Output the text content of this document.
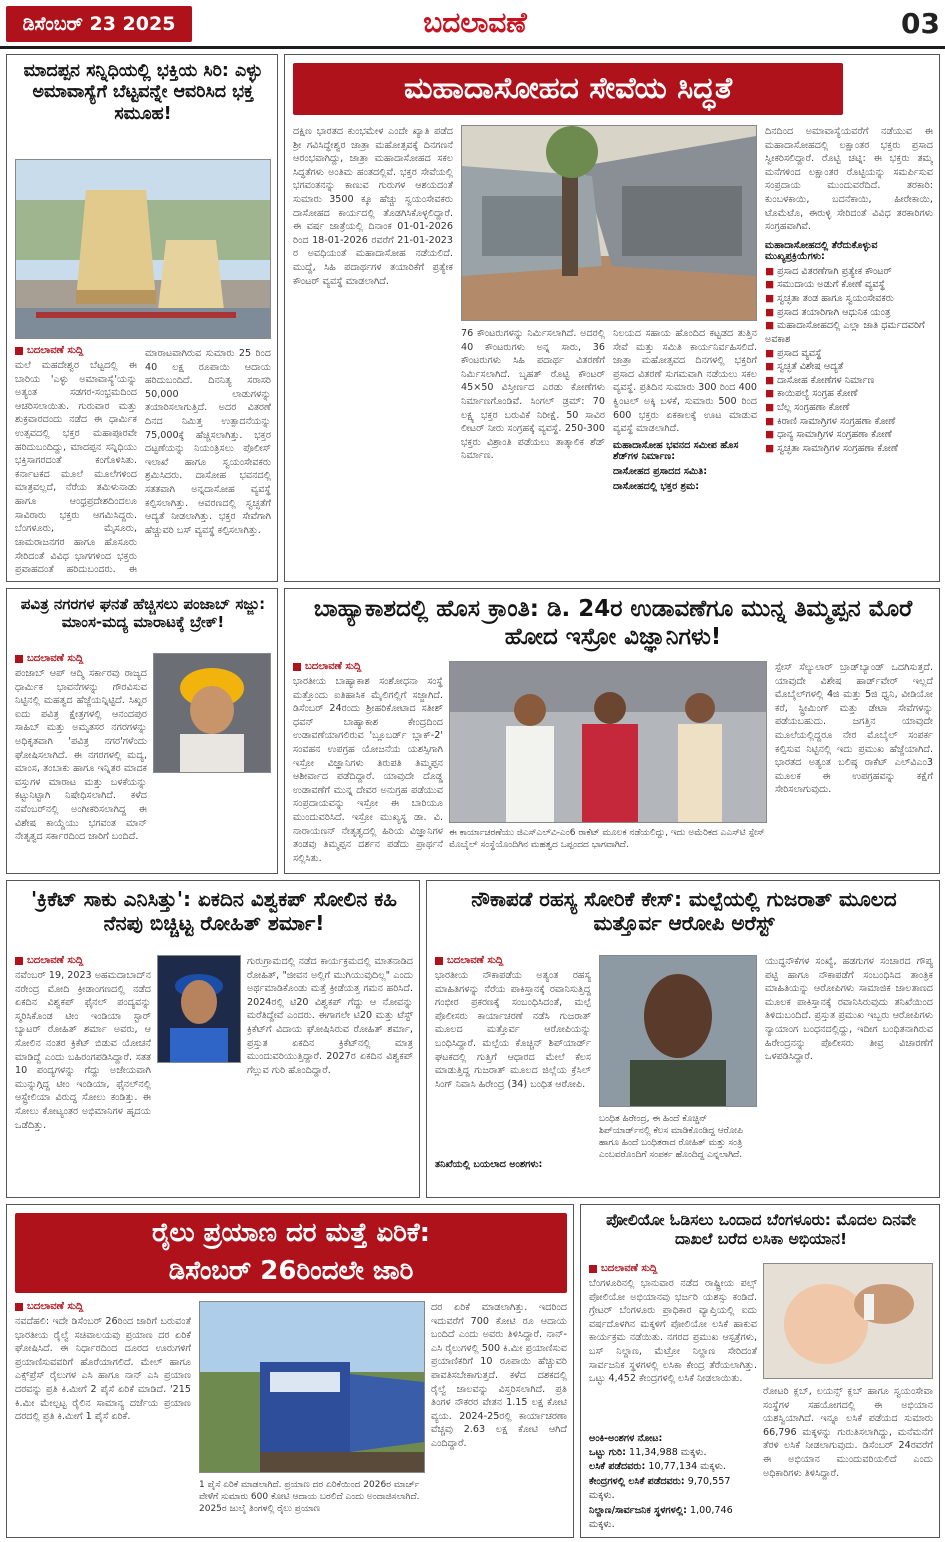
ಡಿಸೆಂಬರ್ 23 2025	ಬದಲಾವಣೆ	03
ಮಾದಪ್ಪನ ಸನ್ನಿಧಿಯಲ್ಲಿ ಭಕ್ತಿಯ ಸಿರಿ: ಎಳ್ಳು ಅಮಾವಾಸ್ಯೆಗೆ ಬೆಟ್ಟವನ್ನೇ ಆವರಿಸಿದ ಭಕ್ತ ಸಮೂಹ!
ಬದಲಾವಣೆ ಸುದ್ದಿ
ಮಲೆ ಮಹದೇಶ್ವರ ಬೆಟ್ಟದಲ್ಲಿ ಈ ಬಾರಿಯ 'ಎಳ್ಳು ಅಮಾವಾಸ್ಯೆ'ಯನ್ನು ಅತ್ಯಂತ ಸಡಗರ-ಸಂಭ್ರಮದಿಂದ ಆಚರಿಸಲಾಯಿತು. ಗುರುವಾರ ಮತ್ತು ಶುಕ್ರವಾರದಂದು ನಡೆದ ಈ ಧಾರ್ಮಿಕ ಉತ್ಸವದಲ್ಲಿ ಭಕ್ತರ ಮಹಾಪೂರವೇ ಹರಿದುಬಂದಿದ್ದು, ಮಾದಪ್ಪನ ಸನ್ನಿಧಿಯು ಭಕ್ತಿಸಾಗರದಂತೆ ಕಂಗೊಳಿಸಿತು. ಕರ್ನಾಟಕದ ಮೂಲೆ ಮೂಲೆಗಳಿಂದ ಮಾತ್ರವಲ್ಲದೆ, ನೆರೆಯ ತಮಿಳುನಾಡು ಹಾಗೂ ಆಂಧ್ರಪ್ರದೇಶದಿಂದಲೂ ಸಾವಿರಾರು ಭಕ್ತರು ಆಗಮಿಸಿದ್ದರು. ಬೆಂಗಳೂರು, ಮೈಸೂರು, ಚಾಮರಾಜನಗರ ಹಾಗೂ ಹೊಸೂರು ಸೇರಿದಂತೆ ವಿವಿಧ ಭಾಗಗಳಿಂದ ಭಕ್ತರು ಪ್ರವಾಹದಂತೆ ಹರಿದುಬಂದರು. ಈ
ಮಾರಾಟವಾಗಿರುವ ಸುಮಾರು 25 ರಿಂದ 40 ಲಕ್ಷ ರೂಪಾಯಿ ಆದಾಯ ಹರಿದುಬಂದಿದೆ. ದಿನನಿತ್ಯ ಸರಾಸರಿ 50,000 ಲಾಡುಗಳನ್ನು ತಯಾರಿಸಲಾಗುತ್ತಿದೆ. ಅದರ ವಿತರಣೆ ದಿನದ ನಿಮಿತ್ತ ಉತ್ಪಾದನೆಯನ್ನು 75,000ಕ್ಕೆ ಹೆಚ್ಚಿಸಲಾಗಿತ್ತು. ಭಕ್ತರ ದಟ್ಟಣೆಯನ್ನು ನಿಯಂತ್ರಿಸಲು ಪೊಲೀಸ್ ಇಲಾಖೆ ಹಾಗೂ ಸ್ವಯಂಸೇವಕರು ಶ್ರಮಿಸಿದರು. ದಾಸೋಹ ಭವನದಲ್ಲಿ ಸತತವಾಗಿ ಅನ್ನದಾಸೋಹ ವ್ಯವಸ್ಥೆ ಕಲ್ಪಿಸಲಾಗಿತ್ತು. ಆವರಣದಲ್ಲಿ ಸ್ವಚ್ಛತೆಗೆ ಆದ್ಯತೆ ನೀಡಲಾಗಿತ್ತು. ಭಕ್ತರ ಸೇವೆಗಾಗಿ ಹೆಚ್ಚುವರಿ ಬಸ್ ವ್ಯವಸ್ಥೆ ಕಲ್ಪಿಸಲಾಗಿತ್ತು.
ಮಹಾದಾಸೋಹದ ಸೇವೆಯ ಸಿದ್ಧತೆ
ದಕ್ಷಿಣ ಭಾರತದ ಕುಂಭಮೇಳ ಎಂದೇ ಖ್ಯಾತಿ ಪಡೆದ ಶ್ರೀ ಗವಿಸಿದ್ಧೇಶ್ವರ ಜಾತ್ರಾ ಮಹೋತ್ಸವಕ್ಕೆ ದಿನಗಣನೆ ಆರಂಭವಾಗಿದ್ದು, ಜಾತ್ರಾ ಮಹಾದಾಸೋಹದ ಸಕಲ ಸಿದ್ಧತೆಗಳು ಅಂತಿಮ ಹಂತದಲ್ಲಿವೆ. ಭಕ್ತರ ಸೇವೆಯಲ್ಲಿ ಭಗವಂತನನ್ನು ಕಾಣುವ ಗುರುಗಳ ಆಶಯದಂತೆ ಸುಮಾರು 3500 ಕ್ಕೂ ಹೆಚ್ಚು ಸ್ವಯಂಸೇವಕರು ದಾಸೋಹದ ಕಾರ್ಯದಲ್ಲಿ ತೊಡಗಿಸಿಕೊಳ್ಳಲಿದ್ದಾರೆ. ಈ ವರ್ಷ ಜಾತ್ರೆಯಲ್ಲಿ ದಿನಾಂಕ 01-01-2026 ರಿಂದ 18-01-2026 ರವರೆಗೆ 21-01-2023 ರ ಅವಧಿಯಂತೆ ಮಹಾದಾಸೋಹ ನಡೆಯಲಿದೆ. ಮುದ್ದೆ, ಸಿಹಿ ಪದಾರ್ಥಗಳ ತಯಾರಿಕೆಗೆ ಪ್ರತ್ಯೇಕ ಕೌಂಟರ್ ವ್ಯವಸ್ಥೆ ಮಾಡಲಾಗಿದೆ.
76 ಕೌಂಟರುಗಳನ್ನು ನಿರ್ಮಿಸಲಾಗಿದೆ. ಅದರಲ್ಲಿ 40 ಕೌಂಟರುಗಳು ಅನ್ನ ಸಾರು, 36 ಕೌಂಟರುಗಳು ಸಿಹಿ ಪದಾರ್ಥ ವಿತರಣೆಗೆ ನಿರ್ಮಿಸಲಾಗಿದೆ. ಬೃಹತ್ ರೊಟ್ಟಿ ಕೌಂಟರ್ 45×50 ವಿಸ್ತೀರ್ಣದ ಎರಡು ಕೋಣೆಗಳು ನಿರ್ಮಾಣಗೊಂಡಿವೆ. ಸಿಂಗಲ್ ಡ್ರಮ್: 70 ಲಕ್ಷ್ಯ ಭಕ್ತರ ಬರುವಿಕೆ ನಿರೀಕ್ಷೆ. 50 ಸಾವಿರ ಲೀಟರ್ ನೀರು ಸಂಗ್ರಹಕ್ಕೆ ವ್ಯವಸ್ಥೆ. 250-300 ಭಕ್ತರು ವಿಶ್ರಾಂತಿ ಪಡೆಯಲು ತಾತ್ಕಾಲಿಕ ಶೆಡ್ ನಿರ್ಮಾಣ.
ನಿಲಯದ ಸಹಾಯ ಹೊಂದಿದ ಕಟ್ಟಡದ ತುತ್ತಿನ ಸೇವೆ ಮತ್ತು ಸಮಿತಿ ಕಾರ್ಯನಿರ್ವಹಿಸಲಿದೆ. ಜಾತ್ರಾ ಮಹೋತ್ಸವದ ದಿನಗಳಲ್ಲಿ ಭಕ್ತರಿಗೆ ಪ್ರಸಾದ ವಿತರಣೆ ಸುಗಮವಾಗಿ ನಡೆಯಲು ಸಕಲ ವ್ಯವಸ್ಥೆ. ಪ್ರತಿದಿನ ಸುಮಾರು 300 ರಿಂದ 400 ಕ್ವಿಂಟಲ್ ಅಕ್ಕಿ ಬಳಕೆ, ಸುಮಾರು 500 ರಿಂದ 600 ಭಕ್ತರು ಏಕಕಾಲಕ್ಕೆ ಊಟ ಮಾಡುವ ವ್ಯವಸ್ಥೆ ಮಾಡಲಾಗಿದೆ.
ಮಹಾದಾಸೋಹ ಭವನದ ಸಮೀಪ ಹೊಸ ಶೆಡ್‌ಗಳ ನಿರ್ಮಾಣ:
ದಾಸೋಹದ ಪ್ರಸಾದದ ಸಮಿತಿ:
ದಾಸೋಹದಲ್ಲಿ ಭಕ್ತರ ಶ್ರಮ:
ದಿನದಿಂದ ಅಮಾವಾಸ್ಯೆಯವರೆಗೆ ನಡೆಯುವ ಈ ಮಹಾದಾಸೋಹದಲ್ಲಿ ಲಕ್ಷಾಂತರ ಭಕ್ತರು ಪ್ರಸಾದ ಸ್ವೀಕರಿಸಲಿದ್ದಾರೆ. ರೊಟ್ಟಿ ಚಟ್ನಿ: ಈ ಭಕ್ತರು ತಮ್ಮ ಮನೆಗಳಿಂದ ಲಕ್ಷಾಂತರ ರೊಟ್ಟಿಯನ್ನು ಸಮರ್ಪಿಸುವ ಸಂಪ್ರದಾಯ ಮುಂದುವರೆದಿದೆ. ತರಕಾರಿ: ಕುಂಬಳಕಾಯಿ, ಬದನೆಕಾಯಿ, ಹೀರೇಕಾಯಿ, ಟೊಮೆಟೊ, ಈರುಳ್ಳಿ ಸೇರಿದಂತೆ ವಿವಿಧ ತರಕಾರಿಗಳು ಸಂಗ್ರಹವಾಗಿವೆ.
ಮಹಾದಾಸೋಹದಲ್ಲಿ ತೆರೆದುಕೊಳ್ಳುವ ಮುಖ್ಯಪ್ರಕ್ರಿಯೆಗಳು:
■ ಪ್ರಸಾದ ವಿತರಣೆಗಾಗಿ ಪ್ರತ್ಯೇಕ ಕೌಂಟರ್
■ ಸಮುದಾಯ ಅಡುಗೆ ಕೋಣೆ ವ್ಯವಸ್ಥೆ
■ ಸ್ವಚ್ಛತಾ ತಂಡ ಹಾಗೂ ಸ್ವಯಂಸೇವಕರು
■ ಪ್ರಸಾದ ತಯಾರಿಗಾಗಿ ಆಧುನಿಕ ಯಂತ್ರ
■ ಮಹಾದಾಸೋಹದಲ್ಲಿ ಎಲ್ಲಾ ಜಾತಿ ಧರ್ಮದವರಿಗೆ ಅವಕಾಶ
■ ಪ್ರಸಾದ ವ್ಯವಸ್ಥೆ
■ ಸ್ವಚ್ಛತೆ ವಿಶೇಷ ಆದ್ಯತೆ
■ ದಾಸೋಹ ಕೋಣೆಗಳ ನಿರ್ಮಾಣ
■ ಕಾಯಿಪಲ್ಯೆ ಸಂಗ್ರಹ ಕೋಣೆ
■ ಬೆಲ್ಲ ಸಂಗ್ರಹಣಾ ಕೋಣೆ
■ ಕಿರಾಣಿ ಸಾಮಾಗ್ರಿಗಳ ಸಂಗ್ರಹಣಾ ಕೋಣೆ
■ ಧಾನ್ಯ ಸಾಮಾಗ್ರಿಗಳ ಸಂಗ್ರಹಣಾ ಕೋಣೆ
■ ಸ್ವಚ್ಛತಾ ಸಾಮಾಗ್ರಿಗಳ ಸಂಗ್ರಹಣಾ ಕೋಣೆ
ಪವಿತ್ರ ನಗರಗಳ ಘನತೆ ಹೆಚ್ಚಿಸಲು ಪಂಜಾಬ್ ಸಜ್ಜು: ಮಾಂಸ-ಮದ್ಯ ಮಾರಾಟಕ್ಕೆ ಬ್ರೇಕ್!
ಬದಲಾವಣೆ ಸುದ್ದಿ
ಪಂಜಾಬ್ ಆಪ್ ಆದ್ಮಿ ಸರ್ಕಾರವು ರಾಜ್ಯದ ಧಾರ್ಮಿಕ ಭಾವನೆಗಳನ್ನು ಗೌರವಿಸುವ ನಿಟ್ಟಿನಲ್ಲಿ ಮಹತ್ವದ ಹೆಜ್ಜೆಯನ್ನಿಟ್ಟಿದೆ. ಸಿಖ್ಖರ ಐದು ಪವಿತ್ರ ಕ್ಷೇತ್ರಗಳಲ್ಲಿ ಆನಂದಪುರ ಸಾಹಿಬ್ ಮತ್ತು ಅಮೃತಸರ ನಗರಗಳನ್ನು ಅಧಿಕೃತವಾಗಿ 'ಪವಿತ್ರ ನಗರ'ಗಳೆಂದು ಘೋಷಿಸಲಾಗಿದೆ. ಈ ನಗರಗಳಲ್ಲಿ ಮದ್ಯ, ಮಾಂಸ, ತಂಬಾಕು ಹಾಗೂ ಇನ್ನಿತರ ಮಾದಕ ವಸ್ತುಗಳ ಮಾರಾಟ ಮತ್ತು ಬಳಕೆಯನ್ನು ಕಟ್ಟುನಿಟ್ಟಾಗಿ ನಿಷೇಧಿಸಲಾಗಿದೆ. ಕಳೆದ ನವೆಂಬರ್‌ನಲ್ಲಿ ಅಂಗೀಕರಿಸಲಾಗಿದ್ದ ಈ ವಿಶೇಷ ಕಾಯ್ದೆಯು ಭಗವಂತ ಮಾನ್ ನೇತೃತ್ವದ ಸರ್ಕಾರದಿಂದ ಜಾರಿಗೆ ಬಂದಿದೆ.
ಬಾಹ್ಯಾಕಾಶದಲ್ಲಿ ಹೊಸ ಕ್ರಾಂತಿ: ಡಿ. 24ರ ಉಡಾವಣೆಗೂ ಮುನ್ನ ತಿಮ್ಮಪ್ಪನ ಮೊರೆ ಹೋದ ಇಸ್ರೋ ವಿಜ್ಞಾನಿಗಳು!
ಬದಲಾವಣೆ ಸುದ್ದಿ
ಭಾರತೀಯ ಬಾಹ್ಯಾಕಾಶ ಸಂಶೋಧನಾ ಸಂಸ್ಥೆ ಮತ್ತೊಂದು ಐತಿಹಾಸಿಕ ಮೈಲಿಗಲ್ಲಿಗೆ ಸಜ್ಜಾಗಿದೆ. ಡಿಸೆಂಬರ್ 24ರಂದು ಶ್ರೀಹರಿಕೋಟಾದ ಸತೀಶ್ ಧವನ್ ಬಾಹ್ಯಾಕಾಶ ಕೇಂದ್ರದಿಂದ ಉಡಾವಣೆಯಾಗಲಿರುವ 'ಬ್ಲೂಬರ್ಡ್ ಬ್ಲಾಕ್-2' ಸಂವಹನ ಉಪಗ್ರಹ ಯೋಜನೆಯ ಯಶಸ್ಸಿಗಾಗಿ ಇಸ್ರೋ ವಿಜ್ಞಾನಿಗಳು ತಿರುಪತಿ ತಿಮ್ಮಪ್ಪನ ಆಶೀರ್ವಾದ ಪಡೆದಿದ್ದಾರೆ. ಯಾವುದೇ ದೊಡ್ಡ ಉಡಾವಣೆಗೆ ಮುನ್ನ ದೇವರ ಅನುಗ್ರಹ ಪಡೆಯುವ ಸಂಪ್ರದಾಯವನ್ನು ಇಸ್ರೋ ಈ ಬಾರಿಯೂ ಮುಂದುವರಿಸಿದೆ. ಇಸ್ರೋ ಮುಖ್ಯಸ್ಥ ಡಾ. ವಿ. ನಾರಾಯಣನ್ ನೇತೃತ್ವದಲ್ಲಿ ಹಿರಿಯ ವಿಜ್ಞಾನಿಗಳ ತಂಡವು ತಿಮ್ಮಪ್ಪನ ದರ್ಶನ ಪಡೆದು ಪ್ರಾರ್ಥನೆ ಸಲ್ಲಿಸಿತು.
ಈ ಕಾರ್ಯಾಚರಣೆಯು ಜಿಎಸ್‌ಎಲ್‌ವಿ-ಎಂ6 ರಾಕೆಟ್ ಮೂಲಕ ನಡೆಯಲಿದ್ದು, ಇದು ಅಮೆರಿಕದ ಎಎಸ್‌ಟಿ ಸ್ಪೇಸ್ ಮೊಬೈಲ್ ಸಂಸ್ಥೆಯೊಂದಿಗಿನ ಮಹತ್ವದ ಒಪ್ಪಂದದ ಭಾಗವಾಗಿದೆ.
ಸ್ಪೇಸ್ ಸೆಲ್ಯುಲಾರ್ ಬ್ರಾಡ್‌ಬ್ಯಾಂಡ್ ಒದಗಿಸುತ್ತದೆ. ಯಾವುದೇ ವಿಶೇಷ ಹಾರ್ಡ್‌ವೇರ್ ಇಲ್ಲದೆ ಮೊಬೈಲ್‌ಗಳಲ್ಲಿ 4ಜಿ ಮತ್ತು 5ಜಿ ಧ್ವನಿ, ವೀಡಿಯೋ ಕರೆ, ಸ್ಟ್ರೀಮಿಂಗ್ ಮತ್ತು ಡೇಟಾ ಸೇವೆಗಳನ್ನು ಪಡೆಯಬಹುದು. ಜಗತ್ತಿನ ಯಾವುದೇ ಮೂಲೆಯಲ್ಲಿದ್ದರೂ ನೇರ ಮೊಬೈಲ್ ಸಂಪರ್ಕ ಕಲ್ಪಿಸುವ ನಿಟ್ಟಿನಲ್ಲಿ ಇದು ಪ್ರಮುಖ ಹೆಜ್ಜೆಯಾಗಿದೆ. ಭಾರತದ ಅತ್ಯಂತ ಬಲಿಷ್ಠ ರಾಕೆಟ್ ಎಲ್‌ವಿಎಂ3 ಮೂಲಕ ಈ ಉಪಗ್ರಹವನ್ನು ಕಕ್ಷೆಗೆ ಸೇರಿಸಲಾಗುವುದು.
'ಕ್ರಿಕೆಟ್ ಸಾಕು ಎನಿಸಿತ್ತು': ಏಕದಿನ ವಿಶ್ವಕಪ್ ಸೋಲಿನ ಕಹಿ ನೆನಪು ಬಿಚ್ಚಿಟ್ಟ ರೋಹಿತ್ ಶರ್ಮಾ!
ಬದಲಾವಣೆ ಸುದ್ದಿ
ನವೆಂಬರ್ 19, 2023 ಅಹಮದಾಬಾದ್‌ನ ನರೇಂದ್ರ ಮೋದಿ ಕ್ರೀಡಾಂಗಣದಲ್ಲಿ ನಡೆದ ಏಕದಿನ ವಿಶ್ವಕಪ್ ಫೈನಲ್ ಪಂದ್ಯವನ್ನು ಸ್ಮರಿಸಿಕೊಂಡ ಟೀಂ ಇಂಡಿಯಾ ಸ್ಟಾರ್ ಬ್ಯಾಟರ್ ರೋಹಿತ್ ಶರ್ಮಾ ಅವರು, ಆ ಸೋಲಿನ ನಂತರ ಕ್ರಿಕೆಟ್ ಬಿಡುವ ಯೋಚನೆ ಮಾಡಿದ್ದೆ ಎಂದು ಬಹಿರಂಗಪಡಿಸಿದ್ದಾರೆ. ಸತತ 10 ಪಂದ್ಯಗಳನ್ನು ಗೆದ್ದು ಅಜೇಯವಾಗಿ ಮುನ್ನುಗ್ಗಿದ್ದ ಟೀಂ ಇಂಡಿಯಾ, ಫೈನಲ್‌ನಲ್ಲಿ ಆಸ್ಟ್ರೇಲಿಯಾ ವಿರುದ್ಧ ಸೋಲು ಕಂಡಿತ್ತು. ಈ ಸೋಲು ಕೋಟ್ಯಂತರ ಅಭಿಮಾನಿಗಳ ಹೃದಯ ಒಡೆದಿತ್ತು.
ಗುರುಗ್ರಾಮದಲ್ಲಿ ನಡೆದ ಕಾರ್ಯಕ್ರಮದಲ್ಲಿ ಮಾತನಾಡಿದ ರೋಹಿತ್, "ಜೀವನ ಅಲ್ಲಿಗೆ ಮುಗಿಯುವುದಿಲ್ಲ" ಎಂದು ಅರ್ಥಮಾಡಿಕೊಂಡು ಮತ್ತೆ ಕ್ರೀಡೆಯತ್ತ ಗಮನ ಹರಿಸಿದೆ. 2024ರಲ್ಲಿ ಟಿ20 ವಿಶ್ವಕಪ್ ಗೆದ್ದು ಆ ನೋವನ್ನು ಮರೆತಿದ್ದೇವೆ ಎಂದರು. ಈಗಾಗಲೇ ಟಿ20 ಮತ್ತು ಟೆಸ್ಟ್ ಕ್ರಿಕೆಟ್‌ಗೆ ವಿದಾಯ ಘೋಷಿಸಿರುವ ರೋಹಿತ್ ಶರ್ಮಾ, ಪ್ರಸ್ತುತ ಏಕದಿನ ಕ್ರಿಕೆಟ್‌ನಲ್ಲಿ ಮಾತ್ರ ಮುಂದುವರಿಯುತ್ತಿದ್ದಾರೆ. 2027ರ ಏಕದಿನ ವಿಶ್ವಕಪ್ ಗೆಲ್ಲುವ ಗುರಿ ಹೊಂದಿದ್ದಾರೆ.
ನೌಕಾಪಡೆ ರಹಸ್ಯ ಸೋರಿಕೆ ಕೇಸ್: ಮಲ್ಪೆಯಲ್ಲಿ ಗುಜರಾತ್ ಮೂಲದ ಮತ್ತೊರ್ವ ಆರೋಪಿ ಅರೆಸ್ಟ್
ಬದಲಾವಣೆ ಸುದ್ದಿ
ಭಾರತೀಯ ನೌಕಾಪಡೆಯ ಅತ್ಯಂತ ರಹಸ್ಯ ಮಾಹಿತಿಗಳನ್ನು ನೆರೆಯ ಪಾಕಿಸ್ತಾನಕ್ಕೆ ರವಾನಿಸುತ್ತಿದ್ದ ಗಂಭೀರ ಪ್ರಕರಣಕ್ಕೆ ಸಂಬಂಧಿಸಿದಂತೆ, ಮಲ್ಪೆ ಪೊಲೀಸರು ಕಾರ್ಯಾಚರಣೆ ನಡೆಸಿ ಗುಜರಾತ್ ಮೂಲದ ಮತ್ತೊರ್ವ ಆರೋಪಿಯನ್ನು ಬಂಧಿಸಿದ್ದಾರೆ. ಮಲ್ಪೆಯ ಕೊಚ್ಚಿನ್ ಶಿಪ್‌ಯಾರ್ಡ್ ಘಟಕದಲ್ಲಿ ಗುತ್ತಿಗೆ ಆಧಾರದ ಮೇಲೆ ಕೆಲಸ ಮಾಡುತ್ತಿದ್ದ ಗುಜರಾತ್ ಮೂಲದ ಜಿಲ್ಲೆಯ ಕ್ರೆಸಿಲ್ ಸಿಂಗ್ ನಿವಾಸಿ ಹಿರೇಂದ್ರ (34) ಬಂಧಿತ ಆರೋಪಿ.
ತನಿಖೆಯಲ್ಲಿ ಬಯಲಾದ ಅಂಶಗಳು:
ಬಂಧಿತ ಹಿರೇಂದ್ರ, ಈ ಹಿಂದೆ ಕೊಚ್ಚಿನ್ ಶಿಪ್‌ಯಾರ್ಡ್‌ನಲ್ಲಿ ಕೆಲಸ ಮಾಡಿಕೊಂಡಿದ್ದ ಆರೋಪಿ ಹಾಗೂ ಹಿಂದೆ ಬಂಧಿತರಾದ ರೋಹಿತ್ ಮತ್ತು ಸಂತ್ರಿ ಎಂಬವರೊಂದಿಗೆ ಸಂಪರ್ಕ ಹೊಂದಿದ್ದ ಎನ್ನಲಾಗಿದೆ.
ಯುದ್ಧನೌಕೆಗಳ ಸಂಖ್ಯೆ, ಹಡಗುಗಳ ಸಂಚಾರದ ಗೌಪ್ಯ ಪಟ್ಟಿ ಹಾಗೂ ನೌಕಾಪಡೆಗೆ ಸಂಬಂಧಿಸಿದ ತಾಂತ್ರಿಕ ಮಾಹಿತಿಯನ್ನು ಆರೋಪಿಗಳು ಸಾಮಾಜಿಕ ಜಾಲತಾಣದ ಮೂಲಕ ಪಾಕಿಸ್ತಾನಕ್ಕೆ ರವಾನಿಸಿರುವುದು ತನಿಖೆಯಿಂದ ತಿಳಿದುಬಂದಿದೆ. ಪ್ರಸ್ತುತ ಪ್ರಮುಖ ಇಬ್ಬರು ಆರೋಪಿಗಳು ನ್ಯಾಯಾಂಗ ಬಂಧನದಲ್ಲಿದ್ದು, ಇದೀಗ ಬಂಧಿತನಾಗಿರುವ ಹಿರೇಂದ್ರನನ್ನು ಪೊಲೀಸರು ತೀವ್ರ ವಿಚಾರಣೆಗೆ ಒಳಪಡಿಸಿದ್ದಾರೆ.
ರೈಲು ಪ್ರಯಾಣ ದರ ಮತ್ತೆ ಏರಿಕೆ:
ಡಿಸೆಂಬರ್ 26ರಿಂದಲೇ ಜಾರಿ
ಬದಲಾವಣೆ ಸುದ್ದಿ
ನವದೆಹಲಿ: ಇದೇ ಡಿಸೆಂಬರ್ 26ರಿಂದ ಜಾರಿಗೆ ಬರುವಂತೆ ಭಾರತೀಯ ರೈಲ್ವೆ ಸಚಿವಾಲಯವು ಪ್ರಯಾಣ ದರ ಏರಿಕೆ ಘೋಷಿಸಿದೆ. ಈ ನಿರ್ಧಾರದಿಂದ ದೂರದ ಊರುಗಳಿಗೆ ಪ್ರಯಾಣಿಸುವವರಿಗೆ ಹೊರೆಯಾಗಲಿದೆ. ಮೇಲ್ ಹಾಗೂ ಎಕ್ಸ್‌ಪ್ರೆಸ್ ರೈಲುಗಳ ಎಸಿ ಹಾಗೂ ನಾನ್ ಎಸಿ ಪ್ರಯಾಣ ದರವನ್ನು ಪ್ರತಿ ಕಿ.ಮೀಗೆ 2 ಪೈಸೆ ಏರಿಕೆ ಮಾಡಿದೆ. '215 ಕಿ.ಮೀ ಮೇಲ್ಪಟ್ಟ ರೈಲಿನ ಸಾಮಾನ್ಯ ದರ್ಜೆಯ ಪ್ರಯಾಣ ದರದಲ್ಲಿ ಪ್ರತಿ ಕಿ.ಮೀಗೆ 1 ಪೈಸೆ ಏರಿಕೆ.
1 ಪೈಸೆ ಏರಿಕೆ ಮಾಡಲಾಗಿದೆ. ಪ್ರಯಾಣ ದರ ಏರಿಕೆಯಿಂದ 2026ರ ಮಾರ್ಚ್ ವೇಳೆಗೆ ಸುಮಾರು 600 ಕೋಟಿ ಆದಾಯ ಬರಲಿದೆ ಎಂದು ಅಂದಾಜಿಸಲಾಗಿದೆ. 2025ರ ಜುಲೈ ತಿಂಗಳಲ್ಲಿ ರೈಲು ಪ್ರಯಾಣ
ದರ ಏರಿಕೆ ಮಾಡಲಾಗಿತ್ತು. ಇದರಿಂದ ಇದುವರೆಗೆ 700 ಕೋಟಿ ರೂ ಆದಾಯ ಬಂದಿದೆ ಎಂದು ಅವರು ತಿಳಿಸಿದ್ದಾರೆ. ನಾನ್-ಎಸಿ ರೈಲುಗಳಲ್ಲಿ 500 ಕಿ.ಮೀ ಪ್ರಯಾಣಿಸುವ ಪ್ರಯಾಣಿಕರಿಗೆ 10 ರೂಪಾಯಿ ಹೆಚ್ಚುವರಿ ಪಾವತಿಸಬೇಕಾಗುತ್ತದೆ. ಕಳೆದ ದಶಕದಲ್ಲಿ ರೈಲ್ವೆ ಜಾಲವನ್ನು ವಿಸ್ತರಿಸಲಾಗಿದೆ. ಪ್ರತಿ ತಿಂಗಳ ನೌಕರರ ವೇತನ 1.15 ಲಕ್ಷ ಕೋಟಿ ವ್ಯಯ. 2024-25ರಲ್ಲಿ ಕಾರ್ಯಾಚರಣಾ ವೆಚ್ಚವು 2.63 ಲಕ್ಷ ಕೋಟಿ ಆಗಿದೆ ಎಂದಿದ್ದಾರೆ.
ಪೋಲಿಯೋ ಓಡಿಸಲು ಒಂದಾದ ಬೆಂಗಳೂರು: ಮೊದಲ ದಿನವೇ ದಾಖಲೆ ಬರೆದ ಲಸಿಕಾ ಅಭಿಯಾನ!
ಬದಲಾವಣೆ ಸುದ್ದಿ
ಬೆಂಗಳೂರಿನಲ್ಲಿ ಭಾನುವಾರ ನಡೆದ ರಾಷ್ಟ್ರೀಯ ಪಲ್ಸ್ ಪೋಲಿಯೋ ಅಭಿಯಾನವು ಭರ್ಜರಿ ಯಶಸ್ಸು ಕಂಡಿದೆ. ಗ್ರೇಟರ್ ಬೆಂಗಳೂರು ಪ್ರಾಧಿಕಾರ ವ್ಯಾಪ್ತಿಯಲ್ಲಿ ಐದು ವರ್ಷದೊಳಗಿನ ಮಕ್ಕಳಿಗೆ ಪೋಲಿಯೋ ಲಸಿಕೆ ಹಾಕುವ ಕಾರ್ಯಕ್ರಮ ನಡೆಯಿತು. ನಗರದ ಪ್ರಮುಖ ಆಸ್ಪತ್ರೆಗಳು, ಬಸ್ ನಿಲ್ದಾಣ, ಮೆಟ್ರೋ ನಿಲ್ದಾಣ ಸೇರಿದಂತೆ ಸಾರ್ವಜನಿಕ ಸ್ಥಳಗಳಲ್ಲಿ ಲಸಿಕಾ ಕೇಂದ್ರ ತೆರೆಯಲಾಗಿತ್ತು. ಒಟ್ಟು 4,452 ಕೇಂದ್ರಗಳಲ್ಲಿ ಲಸಿಕೆ ನೀಡಲಾಯಿತು.
ರೋಟರಿ ಕ್ಲಬ್, ಲಯನ್ಸ್ ಕ್ಲಬ್ ಹಾಗೂ ಸ್ವಯಂಸೇವಾ ಸಂಸ್ಥೆಗಳ ಸಹಯೋಗದಲ್ಲಿ ಈ ಅಭಿಯಾನ ಯಶಸ್ವಿಯಾಗಿದೆ. ಇನ್ನೂ ಲಸಿಕೆ ಪಡೆಯದ ಸುಮಾರು 66,796 ಮಕ್ಕಳನ್ನು ಗುರುತಿಸಲಾಗಿದ್ದು, ಮನೆಮನೆಗೆ ತೆರಳಿ ಲಸಿಕೆ ನೀಡಲಾಗುವುದು. ಡಿಸೆಂಬರ್ 24ರವರೆಗೆ ಈ ಅಭಿಯಾನ ಮುಂದುವರಿಯಲಿದೆ ಎಂದು ಅಧಿಕಾರಿಗಳು ತಿಳಿಸಿದ್ದಾರೆ.
ಅಂಕಿ-ಅಂಶಗಳ ನೋಟ:
ಒಟ್ಟು ಗುರಿ: 11,34,988 ಮಕ್ಕಳು.
ಲಸಿಕೆ ಪಡೆದವರು: 10,77,134 ಮಕ್ಕಳು.
ಕೇಂದ್ರಗಳಲ್ಲಿ ಲಸಿಕೆ ಪಡೆದವರು: 9,70,557 ಮಕ್ಕಳು.
ನಿಲ್ದಾಣ/ಸಾರ್ವಜನಿಕ ಸ್ಥಳಗಳಲ್ಲಿ: 1,00,746 ಮಕ್ಕಳು.
